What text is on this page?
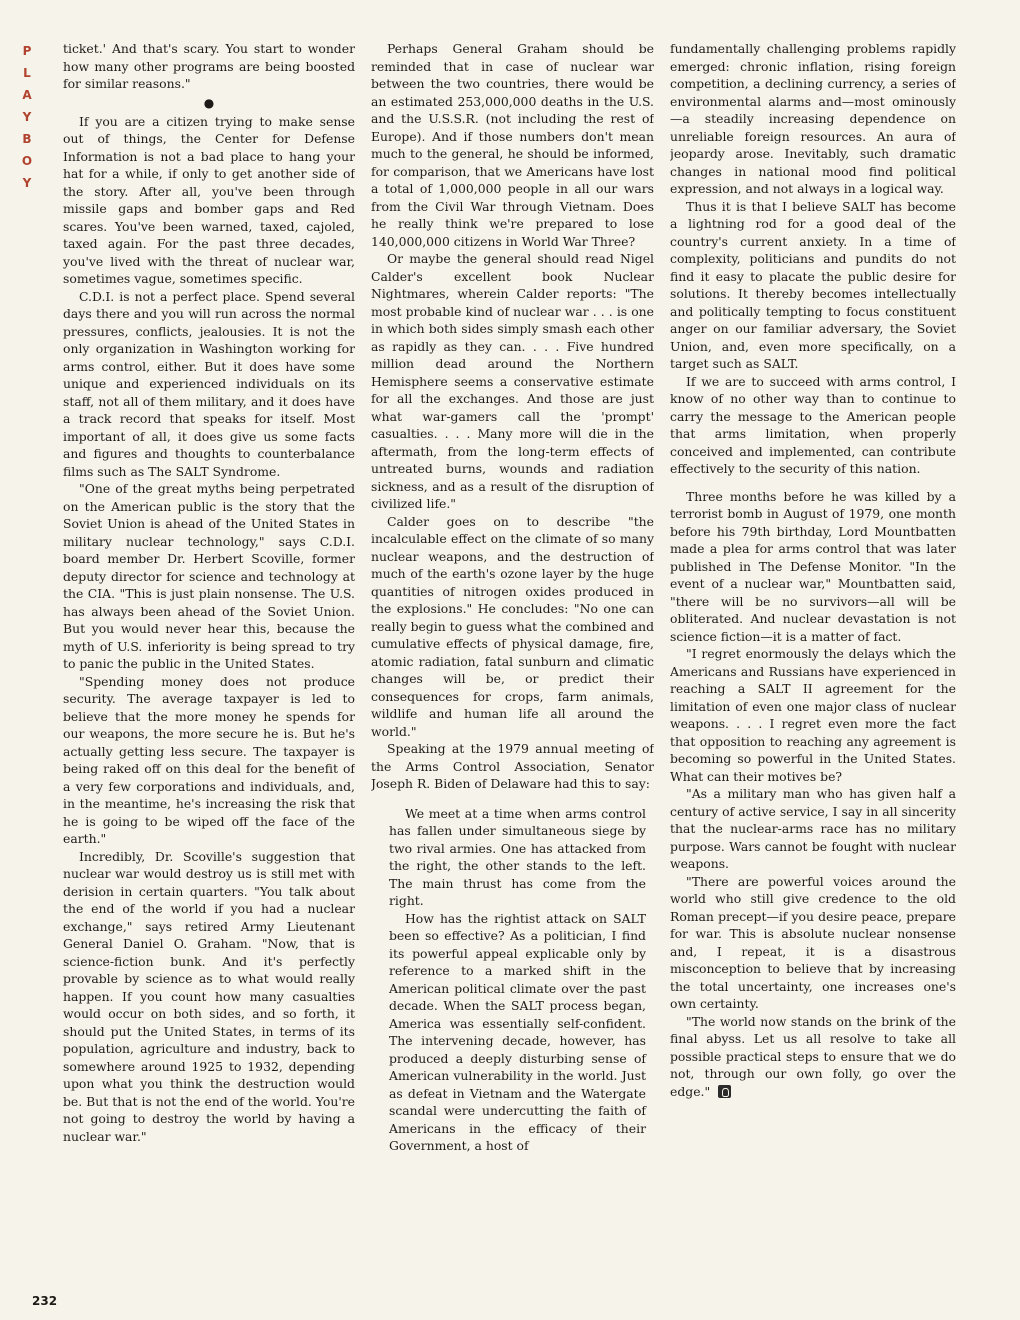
P
L
A
Y
B
O
Y

ticket.' And that's scary. You start to wonder how many other programs are being boosted for similar reasons."

●

If you are a citizen trying to make sense out of things, the Center for Defense Information is not a bad place to hang your hat for a while, if only to get another side of the story. After all, you've been through missile gaps and bomber gaps and Red scares. You've been warned, taxed, cajoled, taxed again. For the past three decades, you've lived with the threat of nuclear war, sometimes vague, sometimes specific.

C.D.I. is not a perfect place. Spend several days there and you will run across the normal pressures, conflicts, jealousies. It is not the only organization in Washington working for arms control, either. But it does have some unique and experienced individuals on its staff, not all of them military, and it does have a track record that speaks for itself. Most important of all, it does give us some facts and figures and thoughts to counterbalance films such as The SALT Syndrome.

"One of the great myths being perpetrated on the American public is the story that the Soviet Union is ahead of the United States in military nuclear technology," says C.D.I. board member Dr. Herbert Scoville, former deputy director for science and technology at the CIA. "This is just plain nonsense. The U.S. has always been ahead of the Soviet Union. But you would never hear this, because the myth of U.S. inferiority is being spread to try to panic the public in the United States.

"Spending money does not produce security. The average taxpayer is led to believe that the more money he spends for our weapons, the more secure he is. But he's actually getting less secure. The taxpayer is being raked off on this deal for the benefit of a very few corporations and individuals, and, in the meantime, he's increasing the risk that he is going to be wiped off the face of the earth."

Incredibly, Dr. Scoville's suggestion that nuclear war would destroy us is still met with derision in certain quarters. "You talk about the end of the world if you had a nuclear exchange," says retired Army Lieutenant General Daniel O. Graham. "Now, that is science-fiction bunk. And it's perfectly provable by science as to what would really happen. If you count how many casualties would occur on both sides, and so forth, it should put the United States, in terms of its population, agriculture and industry, back to somewhere around 1925 to 1932, depending upon what you think the destruction would be. But that is not the end of the world. You're not going to destroy the world by having a nuclear war."

Perhaps General Graham should be reminded that in case of nuclear war between the two countries, there would be an estimated 253,000,000 deaths in the U.S. and the U.S.S.R. (not including the rest of Europe). And if those numbers don't mean much to the general, he should be informed, for comparison, that we Americans have lost a total of 1,000,000 people in all our wars from the Civil War through Vietnam. Does he really think we're prepared to lose 140,000,000 citizens in World War Three?

Or maybe the general should read Nigel Calder's excellent book Nuclear Nightmares, wherein Calder reports: "The most probable kind of nuclear war . . . is one in which both sides simply smash each other as rapidly as they can. . . . Five hundred million dead around the Northern Hemisphere seems a conservative estimate for all the exchanges. And those are just what war-gamers call the 'prompt' casualties. . . . Many more will die in the aftermath, from the long-term effects of untreated burns, wounds and radiation sickness, and as a result of the disruption of civilized life."

Calder goes on to describe "the incalculable effect on the climate of so many nuclear weapons, and the destruction of much of the earth's ozone layer by the huge quantities of nitrogen oxides produced in the explosions." He concludes: "No one can really begin to guess what the combined and cumulative effects of physical damage, fire, atomic radiation, fatal sunburn and climatic changes will be, or predict their consequences for crops, farm animals, wildlife and human life all around the world."

Speaking at the 1979 annual meeting of the Arms Control Association, Senator Joseph R. Biden of Delaware had this to say:

We meet at a time when arms control has fallen under simultaneous siege by two rival armies. One has attacked from the right, the other stands to the left. The main thrust has come from the right.

How has the rightist attack on SALT been so effective? As a politician, I find its powerful appeal explicable only by reference to a marked shift in the American political climate over the past decade. When the SALT process began, America was essentially self-confident. The intervening decade, however, has produced a deeply disturbing sense of American vulnerability in the world. Just as defeat in Vietnam and the Watergate scandal were undercutting the faith of Americans in the efficacy of their Government, a host of

fundamentally challenging problems rapidly emerged: chronic inflation, rising foreign competition, a declining currency, a series of environmental alarms and—most ominously—a steadily increasing dependence on unreliable foreign resources. An aura of jeopardy arose. Inevitably, such dramatic changes in national mood find political expression, and not always in a logical way.

Thus it is that I believe SALT has become a lightning rod for a good deal of the country's current anxiety. In a time of complexity, politicians and pundits do not find it easy to placate the public desire for solutions. It thereby becomes intellectually and politically tempting to focus constituent anger on our familiar adversary, the Soviet Union, and, even more specifically, on a target such as SALT.

If we are to succeed with arms control, I know of no other way than to continue to carry the message to the American people that arms limitation, when properly conceived and implemented, can contribute effectively to the security of this nation.

Three months before he was killed by a terrorist bomb in August of 1979, one month before his 79th birthday, Lord Mountbatten made a plea for arms control that was later published in The Defense Monitor. "In the event of a nuclear war," Mountbatten said, "there will be no survivors—all will be obliterated. And nuclear devastation is not science fiction—it is a matter of fact.

"I regret enormously the delays which the Americans and Russians have experienced in reaching a SALT II agreement for the limitation of even one major class of nuclear weapons. . . . I regret even more the fact that opposition to reaching any agreement is becoming so powerful in the United States. What can their motives be?

"As a military man who has given half a century of active service, I say in all sincerity that the nuclear-arms race has no military purpose. Wars cannot be fought with nuclear weapons.

"There are powerful voices around the world who still give credence to the old Roman precept—if you desire peace, prepare for war. This is absolute nuclear nonsense and, I repeat, it is a disastrous misconception to believe that by increasing the total uncertainty, one increases one's own certainty.

"The world now stands on the brink of the final abyss. Let us all resolve to take all possible practical steps to ensure that we do not, through our own folly, go over the edge."

232
